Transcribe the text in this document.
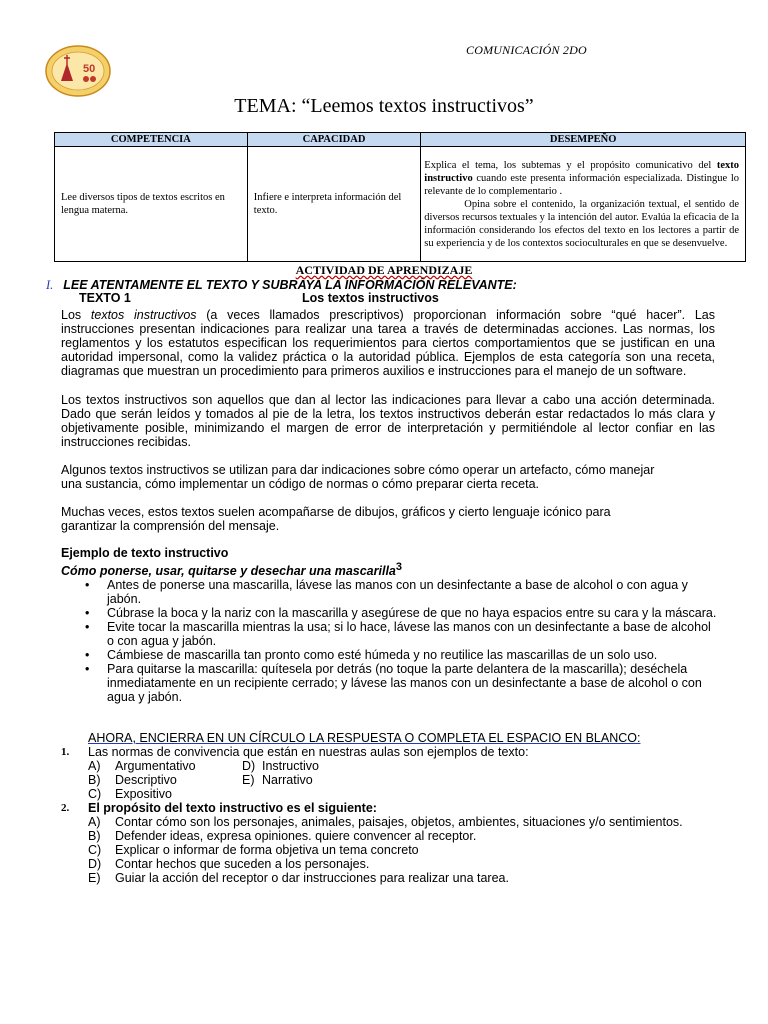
50
COMUNICACIÓN 2DO
TEMA: “Leemos textos instructivos”
COMPETENCIA	CAPACIDAD	DESEMPEÑO
Lee diversos tipos de textos escritos en lengua materna.	Infiere e interpreta información del texto.	Explica el tema, los subtemas y el propósito comunicativo del texto instructivo cuando este presenta información especializada. Distingue lo relevante de lo complementario .
Opina sobre el contenido, la organización textual, el sentido de diversos recursos textuales y la intención del autor. Evalúa la eficacia de la información considerando los efectos del texto en los lectores a partir de su experiencia y de los contextos socioculturales en que se desenvuelve.
ACTIVIDAD DE APRENDIZAJE
I. LEE ATENTAMENTE EL TEXTO Y SUBRAYA LA INFORMACIÓN RELEVANTE:
TEXTO 1	Los textos instructivos
Los textos instructivos (a veces llamados prescriptivos) proporcionan información sobre “qué hacer”. Las instrucciones presentan indicaciones para realizar una tarea a través de determinadas acciones. Las normas, los reglamentos y los estatutos especifican los requerimientos para ciertos comportamientos que se justifican en una autoridad impersonal, como la validez práctica o la autoridad pública. Ejemplos de esta categoría son una receta, diagramas que muestran un procedimiento para primeros auxilios e instrucciones para el manejo de un software.
Los textos instructivos son aquellos que dan al lector las indicaciones para llevar a cabo una acción determinada. Dado que serán leídos y tomados al pie de la letra, los textos instructivos deberán estar redactados lo más clara y objetivamente posible, minimizando el margen de error de interpretación y permitiéndole al lector confiar en las instrucciones recibidas.
Algunos textos instructivos se utilizan para dar indicaciones sobre cómo operar un artefacto, cómo manejar
una sustancia, cómo implementar un código de normas o cómo preparar cierta receta.
Muchas veces, estos textos suelen acompañarse de dibujos, gráficos y cierto lenguaje icónico para
garantizar la comprensión del mensaje.
Ejemplo de texto instructivo
Cómo ponerse, usar, quitarse y desechar una mascarilla$^3$
• Antes de ponerse una mascarilla, lávese las manos con un desinfectante a base de alcohol o con agua y jabón.
• Cúbrase la boca y la nariz con la mascarilla y asegúrese de que no haya espacios entre su cara y la máscara.
• Evite tocar la mascarilla mientras la usa; si lo hace, lávese las manos con un desinfectante a base de alcohol o con agua y jabón.
• Cámbiese de mascarilla tan pronto como esté húmeda y no reutilice las mascarillas de un solo uso.
• Para quitarse la mascarilla: quítesela por detrás (no toque la parte delantera de la mascarilla); deséchela inmediatamente en un recipiente cerrado; y lávese las manos con un desinfectante a base de alcohol o con agua y jabón.
AHORA, ENCIERRA EN UN CÍRCULO LA RESPUESTA O COMPLETA EL ESPACIO EN BLANCO:
1. Las normas de convivencia que están en nuestras aulas son ejemplos de texto:
A) Argumentativo	D) Instructivo
B) Descriptivo	E) Narrativo
C) Expositivo
2. El propósito del texto instructivo es el siguiente:
A) Contar cómo son los personajes, animales, paisajes, objetos, ambientes, situaciones y/o sentimientos.
B) Defender ideas, expresa opiniones. quiere convencer al receptor.
C) Explicar o informar de forma objetiva un tema concreto
D) Contar hechos que suceden a los personajes.
E) Guiar la acción del receptor o dar instrucciones para realizar una tarea.
